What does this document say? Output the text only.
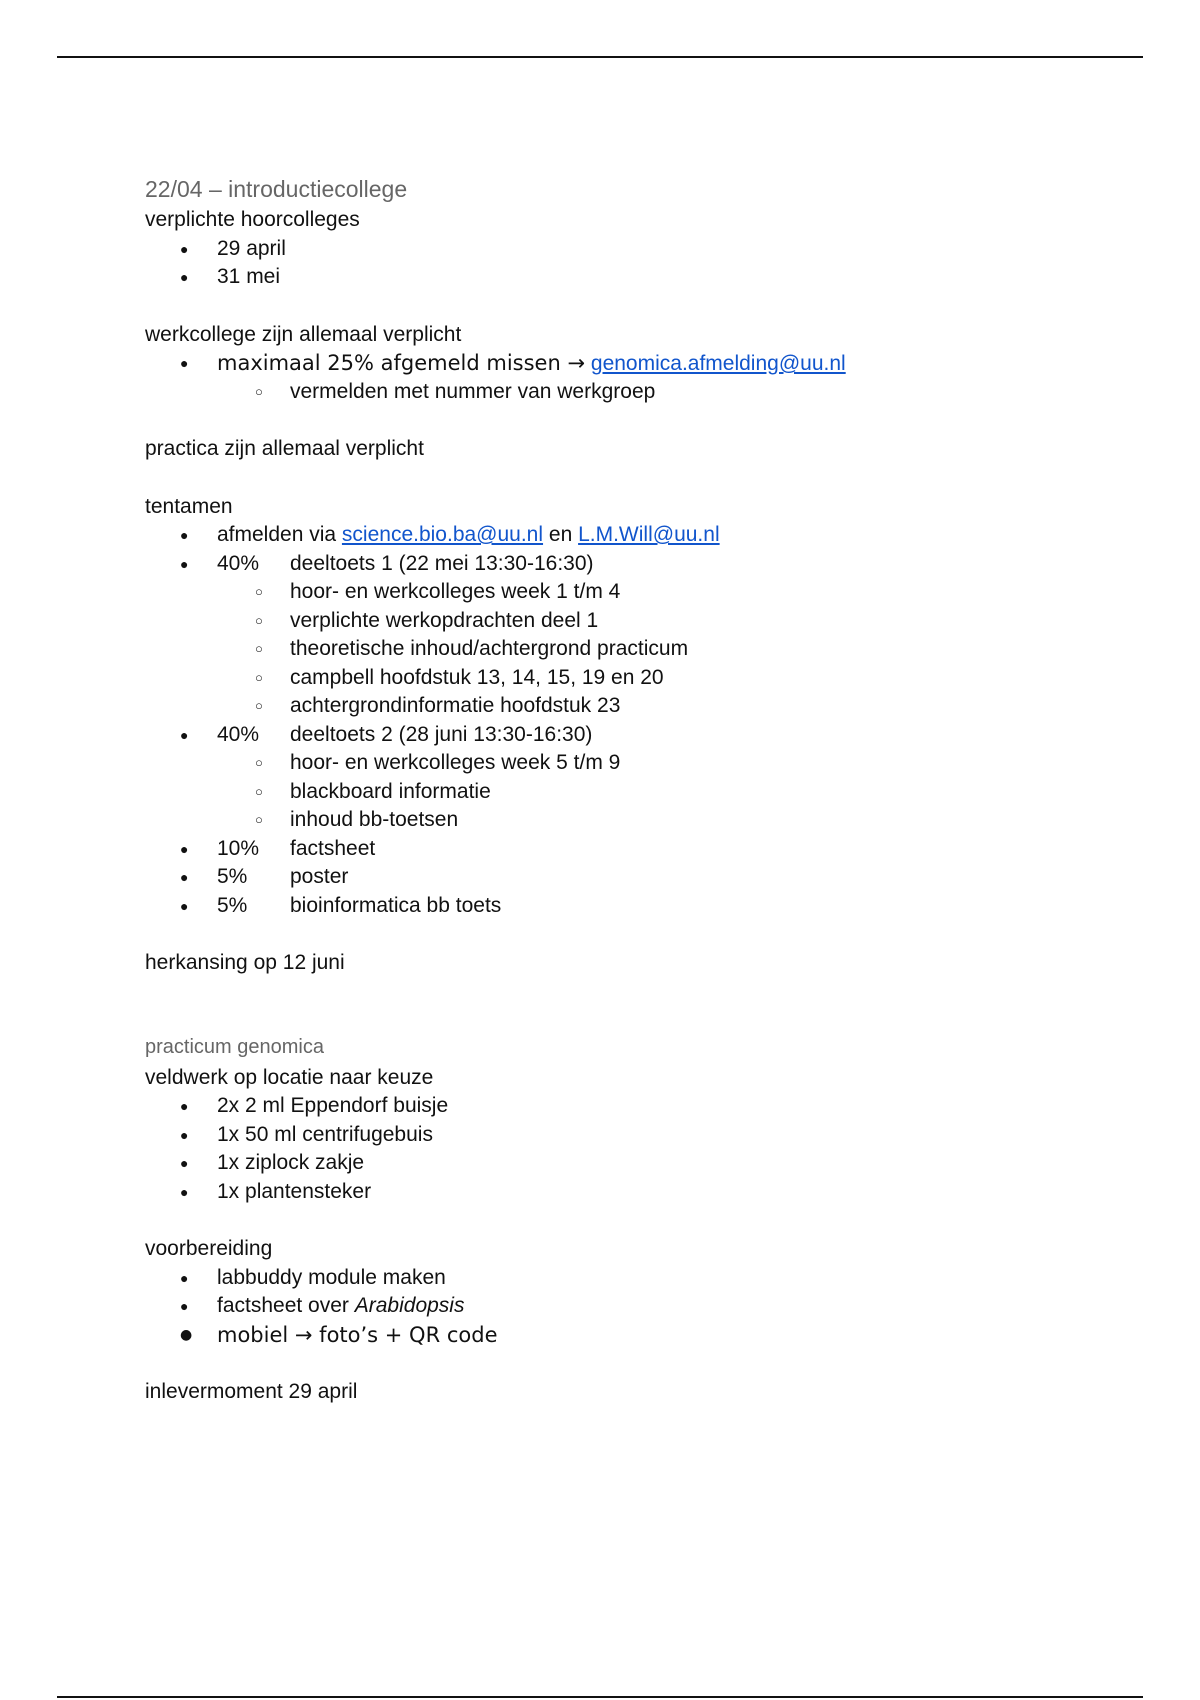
22/04 – introductiecollege
verplichte hoorcolleges
● 29 april
● 31 mei
werkcollege zijn allemaal verplicht
● maximaal 25% afgemeld missen → genomica.afmelding@uu.nl
○ vermelden met nummer van werkgroep
practica zijn allemaal verplicht
tentamen
● afmelden via science.bio.ba@uu.nl en L.M.Will@uu.nl
● 40% deeltoets 1 (22 mei 13:30-16:30)
○ hoor- en werkcolleges week 1 t/m 4
○ verplichte werkopdrachten deel 1
○ theoretische inhoud/achtergrond practicum
○ campbell hoofdstuk 13, 14, 15, 19 en 20
○ achtergrondinformatie hoofdstuk 23
● 40% deeltoets 2 (28 juni 13:30-16:30)
○ hoor- en werkcolleges week 5 t/m 9
○ blackboard informatie
○ inhoud bb-toetsen
● 10% factsheet
● 5% poster
● 5% bioinformatica bb toets
herkansing op 12 juni
practicum genomica
veldwerk op locatie naar keuze
● 2x 2 ml Eppendorf buisje
● 1x 50 ml centrifugebuis
● 1x ziplock zakje
● 1x plantensteker
voorbereiding
● labbuddy module maken
● factsheet over Arabidopsis
● mobiel → foto’s + QR code
inlevermoment 29 april
